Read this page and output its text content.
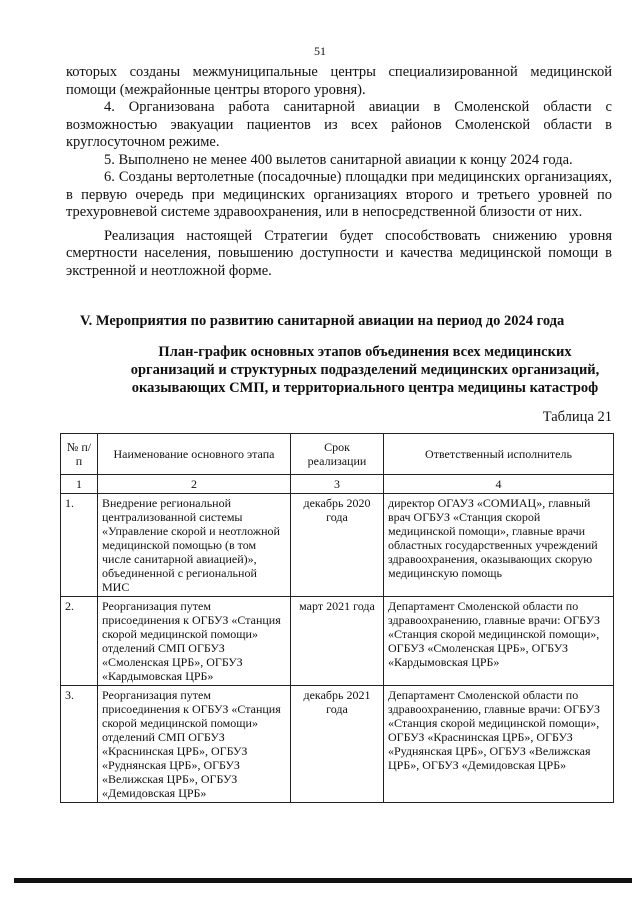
51

которых созданы межмуниципальные центры специализированной медицинской помощи (межрайонные центры второго уровня).

4. Организована работа санитарной авиации в Смоленской области с возможностью эвакуации пациентов из всех районов Смоленской области в круглосуточном режиме.

5. Выполнено не менее 400 вылетов санитарной авиации к концу 2024 года.

6. Созданы вертолетные (посадочные) площадки при медицинских организациях, в первую очередь при медицинских организациях второго и третьего уровней по трехуровневой системе здравоохранения, или в непосредственной близости от них.

Реализация настоящей Стратегии будет способствовать снижению уровня смертности населения, повышению доступности и качества медицинской помощи в экстренной и неотложной форме.

V. Мероприятия по развитию санитарной авиации на период до 2024 года
План-график основных этапов объединения всех медицинских
организаций и структурных подразделений медицинских организаций,
оказывающих СМП, и территориального центра медицины катастроф
Таблица 21
№ п/п	Наименование основного этапа	Срок реализации	Ответственный исполнитель
1	2	3	4
1.	Внедрение региональной централизованной системы «Управление скорой и неотложной медицинской помощью (в том числе санитарной авиацией)», объединенной с региональной МИС	декабрь 2020 года	директор ОГАУЗ «СОМИАЦ», главный врач ОГБУЗ «Станция скорой медицинской помощи», главные врачи областных государственных учреждений здравоохранения, оказывающих скорую медицинскую помощь
2.	Реорганизация путем присоединения к ОГБУЗ «Станция скорой медицинской помощи» отделений СМП ОГБУЗ «Смоленская ЦРБ», ОГБУЗ «Кардымовская ЦРБ»	март 2021 года	Департамент Смоленской области по здравоохранению, главные врачи: ОГБУЗ «Станция скорой медицинской помощи», ОГБУЗ «Смоленская ЦРБ», ОГБУЗ «Кардымовская ЦРБ»
3.	Реорганизация путем присоединения к ОГБУЗ «Станция скорой медицинской помощи» отделений СМП ОГБУЗ «Краснинская ЦРБ», ОГБУЗ «Руднянская ЦРБ», ОГБУЗ «Велижская ЦРБ», ОГБУЗ «Демидовская ЦРБ»	декабрь 2021 года	Департамент Смоленской области по здравоохранению, главные врачи: ОГБУЗ «Станция скорой медицинской помощи», ОГБУЗ «Краснинская ЦРБ», ОГБУЗ «Руднянская ЦРБ», ОГБУЗ «Велижская ЦРБ», ОГБУЗ «Демидовская ЦРБ»
